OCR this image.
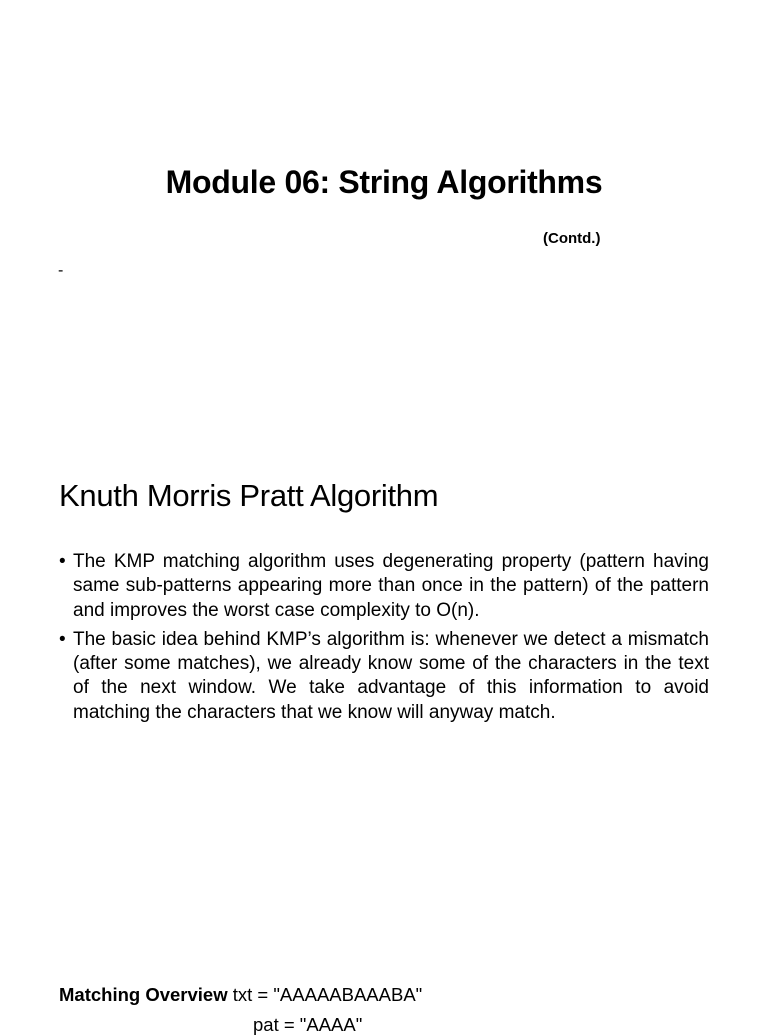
Module 06: String Algorithms
(Contd.)
-
Knuth Morris Pratt Algorithm
• The KMP matching algorithm uses degenerating property (pattern having same sub-patterns appearing more than once in the pattern) of the pattern and improves the worst case complexity to O(n).
• The basic idea behind KMP’s algorithm is: whenever we detect a mismatch (after some matches), we already know some of the characters in the text of the next window. We take advantage of this information to avoid matching the characters that we know will anyway match.
Matching Overview txt = "AAAAABAAABA"
pat = "AAAA"
